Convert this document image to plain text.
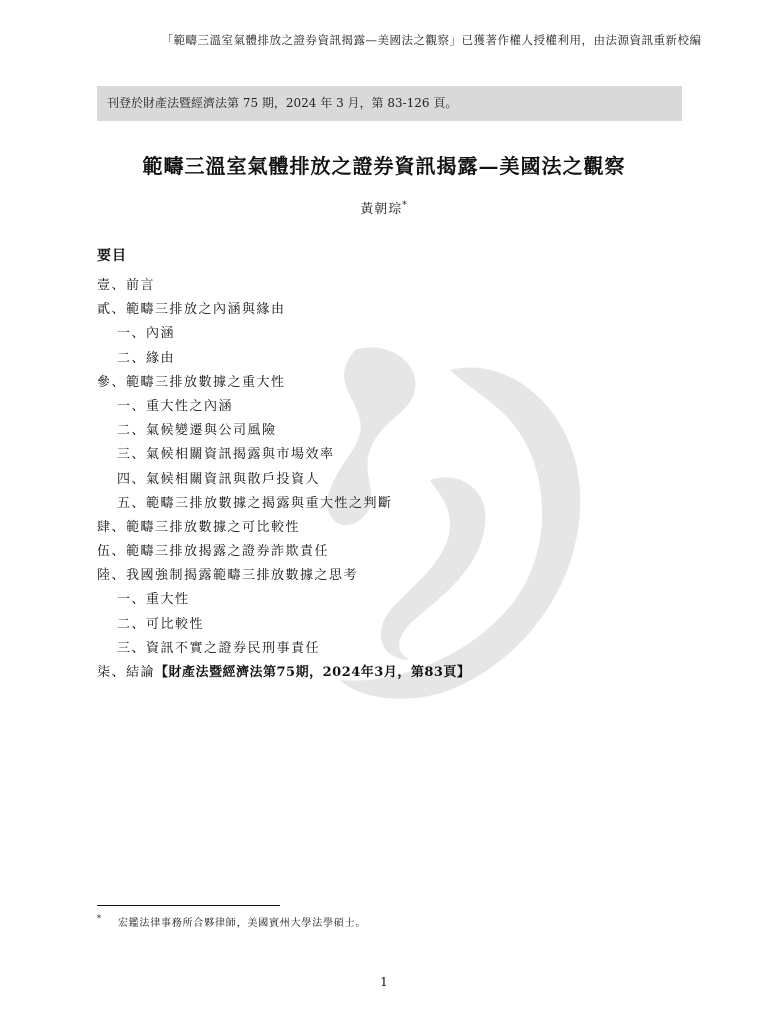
「範疇三溫室氣體排放之證券資訊揭露—美國法之觀察」已獲著作權人授權利用，由法源資訊重新校編
刊登於財產法暨經濟法第 75 期，2024 年 3 月，第 83-126 頁。
範疇三溫室氣體排放之證券資訊揭露—美國法之觀察
黃朝琮*
要目
壹、前言
貳、範疇三排放之內涵與緣由
一、內涵
二、緣由
參、範疇三排放數據之重大性
一、重大性之內涵
二、氣候變遷與公司風險
三、氣候相關資訊揭露與市場效率
四、氣候相關資訊與散戶投資人
五、範疇三排放數據之揭露與重大性之判斷
肆、範疇三排放數據之可比較性
伍、範疇三排放揭露之證券詐欺責任
陸、我國強制揭露範疇三排放數據之思考
一、重大性
二、可比較性
三、資訊不實之證券民刑事責任
柒、結論【財產法暨經濟法第75期，2024年3月，第83頁】
* 宏鑑法律事務所合夥律師，美國賓州大學法學碩士。
1
